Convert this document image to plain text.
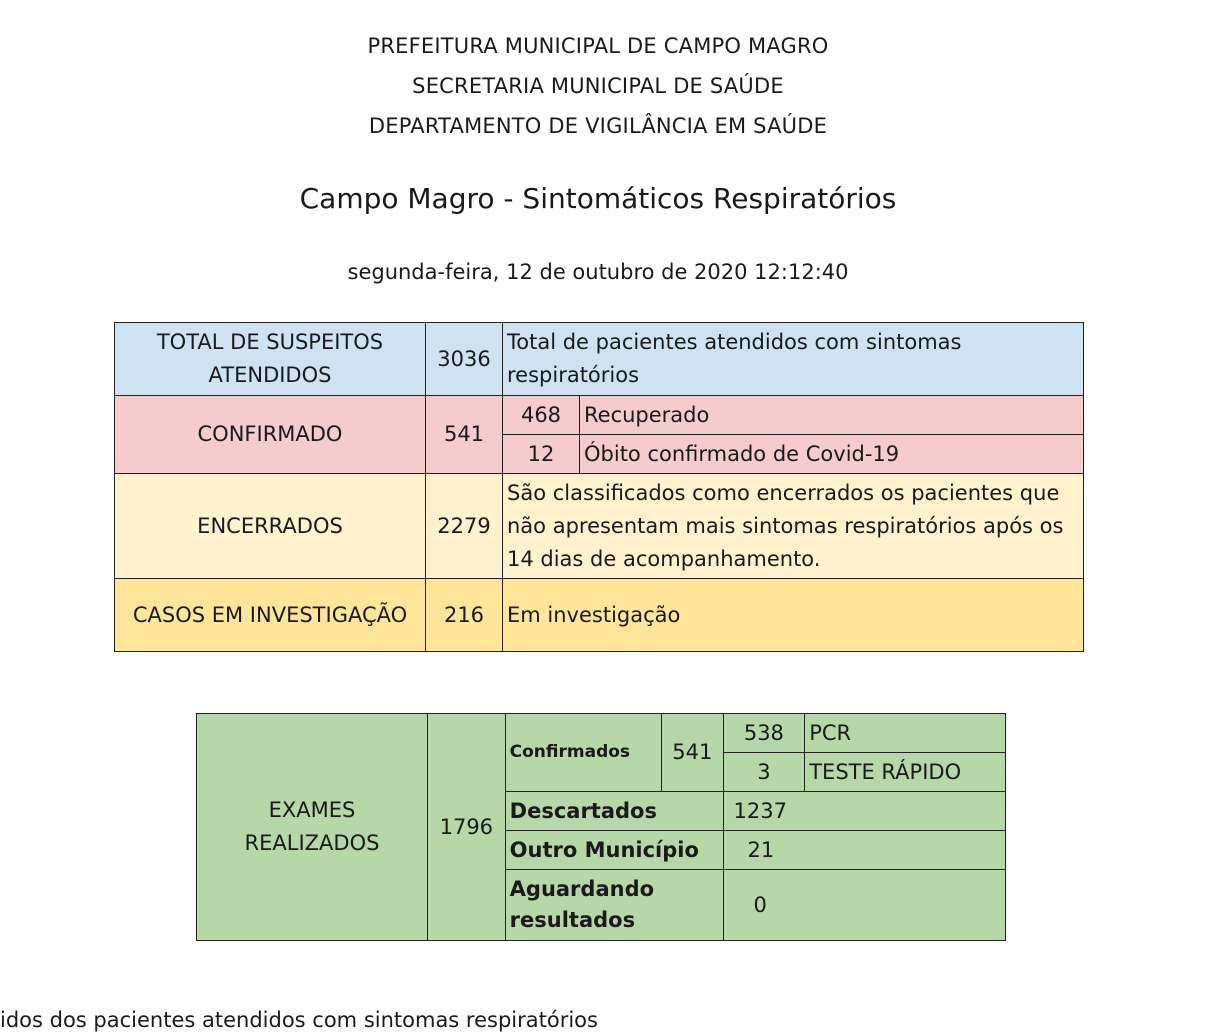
PREFEITURA MUNICIPAL DE CAMPO MAGRO
SECRETARIA MUNICIPAL DE SAÚDE
DEPARTAMENTO DE VIGILÂNCIA EM SAÚDE
Campo Magro - Sintomáticos Respiratórios
segunda-feira, 12 de outubro de 2020 12:12:40
TOTAL DE SUSPEITOS ATENDIDOS	3036	Total de pacientes atendidos com sintomas respiratórios	
CONFIRMADO	541	468	Recuperado
		12	Óbito confirmado de Covid-19
ENCERRADOS	2279	São classificados como encerrados os pacientes que não apresentam mais sintomas respiratórios após os 14 dias de acompanhamento.	
CASOS EM INVESTIGAÇÃO	216	Em investigação	
EXAMES REALIZADOS	1796	Confirmados	541	538	PCR
				3	TESTE RÁPIDO
		Descartados		1237	
		Outro Município		21	
		Aguardando resultados		0	
idos dos pacientes atendidos com sintomas respiratórios
